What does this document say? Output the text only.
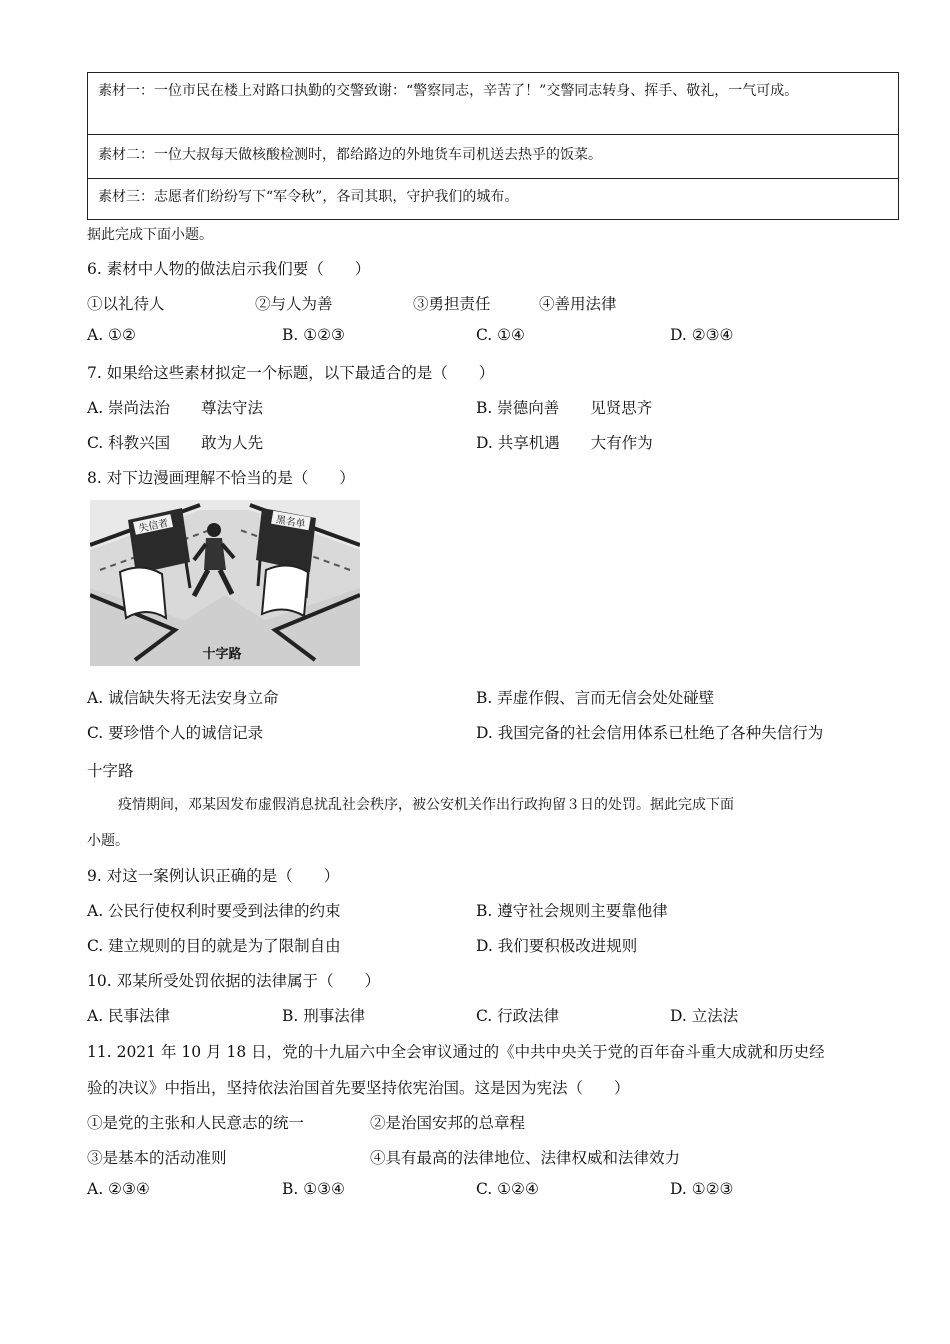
素材一：一位市民在楼上对路口执勤的交警致谢：“警察同志，辛苦了！”交警同志转身、挥手、敬礼，一气可成。
素材二：一位大叔每天做核酸检测时，都给路边的外地货车司机送去热乎的饭菜。
素材三：志愿者们纷纷写下“军令秋”，各司其职，守护我们的城布。
据此完成下面小题。
6. 素材中人物的做法启示我们要（　　）
①以礼待人	②与人为善	③勇担责任	④善用法律
A. ①②	B. ①②③	C. ①④	D. ②③④
7. 如果给这些素材拟定一个标题，以下最适合的是（　　）
A. 崇尚法治　　尊法守法	B. 崇德向善　　见贤思齐
C. 科教兴国　　敢为人先	D. 共享机遇　　大有作为
8. 对下边漫画理解不恰当的是（　　）
失信者	黑名单
十字路
A. 诚信缺失将无法安身立命	B. 弄虚作假、言而无信会处处碰壁
C. 要珍惜个人的诚信记录	D. 我国完备的社会信用体系已杜绝了各种失信行为
十字路
疫情期间，邓某因发布虚假消息扰乱社会秩序，被公安机关作出行政拘留３日的处罚。据此完成下面
小题。
9. 对这一案例认识正确的是（　　）
A. 公民行使权利时要受到法律的约束	B. 遵守社会规则主要靠他律
C. 建立规则的目的就是为了限制自由	D. 我们要积极改进规则
10. 邓某所受处罚依据的法律属于（　　）
A. 民事法律	B. 刑事法律	C. 行政法律	D. 立法法
11. 2021 年 10 月 18 日，党的十九届六中全会审议通过的《中共中央关于党的百年奋斗重大成就和历史经
验的决议》中指出，坚持依法治国首先要坚持依宪治国。这是因为宪法（　　）
①是党的主张和人民意志的统一	②是治国安邦的总章程
③是基本的活动准则	④具有最高的法律地位、法律权威和法律效力
A. ②③④	B. ①③④	C. ①②④	D. ①②③
